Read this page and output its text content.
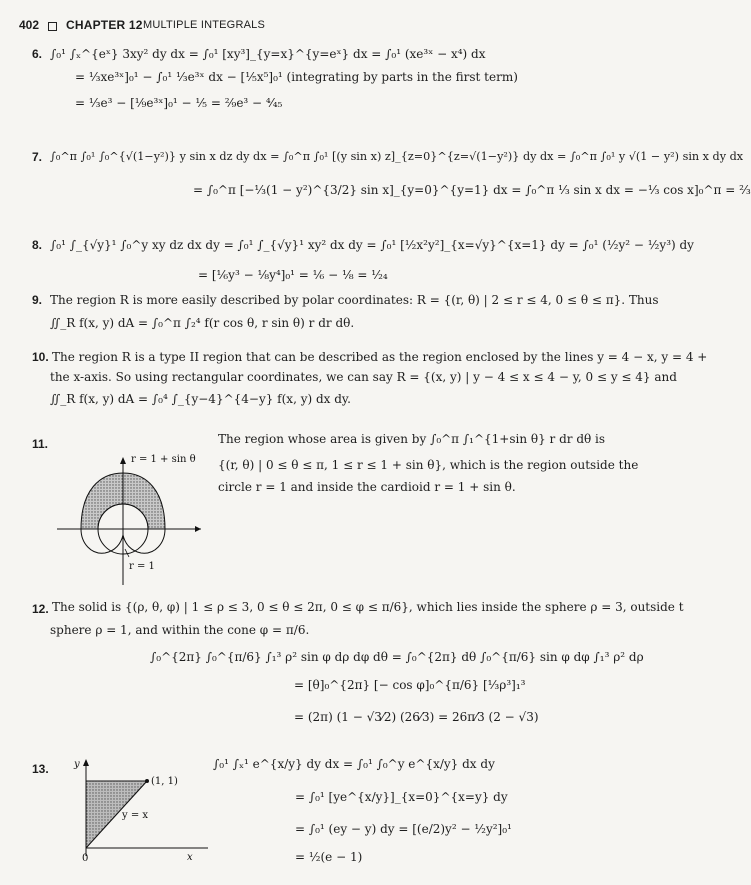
402 CHAPTER 12 MULTIPLE INTEGRALS
6. ∫₀¹ ∫ₓ^{eˣ} 3xy² dy dx = ∫₀¹ [xy³]_{y=x}^{y=eˣ} dx = ∫₀¹ (xe³ˣ − x⁴) dx
= ⅓xe³ˣ]₀¹ − ∫₀¹ ⅓e³ˣ dx − [⅕x⁵]₀¹ (integrating by parts in the first term)
= ⅓e³ − [⅑e³ˣ]₀¹ − ⅕ = ²⁄₉e³ − ⁴⁄₄₅
7. ∫₀^π ∫₀¹ ∫₀^{√(1−y²)} y sin x dz dy dx = ∫₀^π ∫₀¹ [(y sin x) z]_{z=0}^{z=√(1−y²)} dy dx = ∫₀^π ∫₀¹ y √(1 − y²) sin x dy dx
= ∫₀^π [−⅓(1 − y²)^{3/2} sin x]_{y=0}^{y=1} dx = ∫₀^π ⅓ sin x dx = −⅓ cos x]₀^π = ⅔
8. ∫₀¹ ∫_{√y}¹ ∫₀^y xy dz dx dy = ∫₀¹ ∫_{√y}¹ xy² dx dy = ∫₀¹ [½x²y²]_{x=√y}^{x=1} dy = ∫₀¹ (½y² − ½y³) dy
= [⅙y³ − ⅛y⁴]₀¹ = ⅙ − ⅛ = ¹⁄₂₄
9. The region R is more easily described by polar coordinates: R = {(r, θ) | 2 ≤ r ≤ 4, 0 ≤ θ ≤ π}. Thus
∬_R f(x, y) dA = ∫₀^π ∫₂⁴ f(r cos θ, r sin θ) r dr dθ.
10. The region R is a type II region that can be described as the region enclosed by the lines y = 4 − x, y = 4 +
the x-axis. So using rectangular coordinates, we can say R = {(x, y) | y − 4 ≤ x ≤ 4 − y, 0 ≤ y ≤ 4} and
∬_R f(x, y) dA = ∫₀⁴ ∫_{y−4}^{4−y} f(x, y) dx dy.
11.	The region whose area is given by ∫₀^π ∫₁^{1+sin θ} r dr dθ is
{(r, θ) | 0 ≤ θ ≤ π, 1 ≤ r ≤ 1 + sin θ}, which is the region outside the
circle r = 1 and inside the cardioid r = 1 + sin θ.
r = 1 + sin θ
r = 1
12. The solid is {(ρ, θ, φ) | 1 ≤ ρ ≤ 3, 0 ≤ θ ≤ 2π, 0 ≤ φ ≤ π/6}, which lies inside the sphere ρ = 3, outside t
sphere ρ = 1, and within the cone φ = π/6.
∫₀^{2π} ∫₀^{π/6} ∫₁³ ρ² sin φ dρ dφ dθ = ∫₀^{2π} dθ ∫₀^{π/6} sin φ dφ ∫₁³ ρ² dρ
= [θ]₀^{2π} [− cos φ]₀^{π/6} [⅓ρ³]₁³
= (2π) (1 − √3⁄2) (26⁄3) = 26π⁄3 (2 − √3)
13.	∫₀¹ ∫ₓ¹ e^{x/y} dy dx = ∫₀¹ ∫₀^y e^{x/y} dx dy
= ∫₀¹ [ye^{x/y}]_{x=0}^{x=y} dy
= ∫₀¹ (ey − y) dy = [(e/2)y² − ½y²]₀¹
= ½(e − 1)
y
x
0
(1, 1)
y = x
